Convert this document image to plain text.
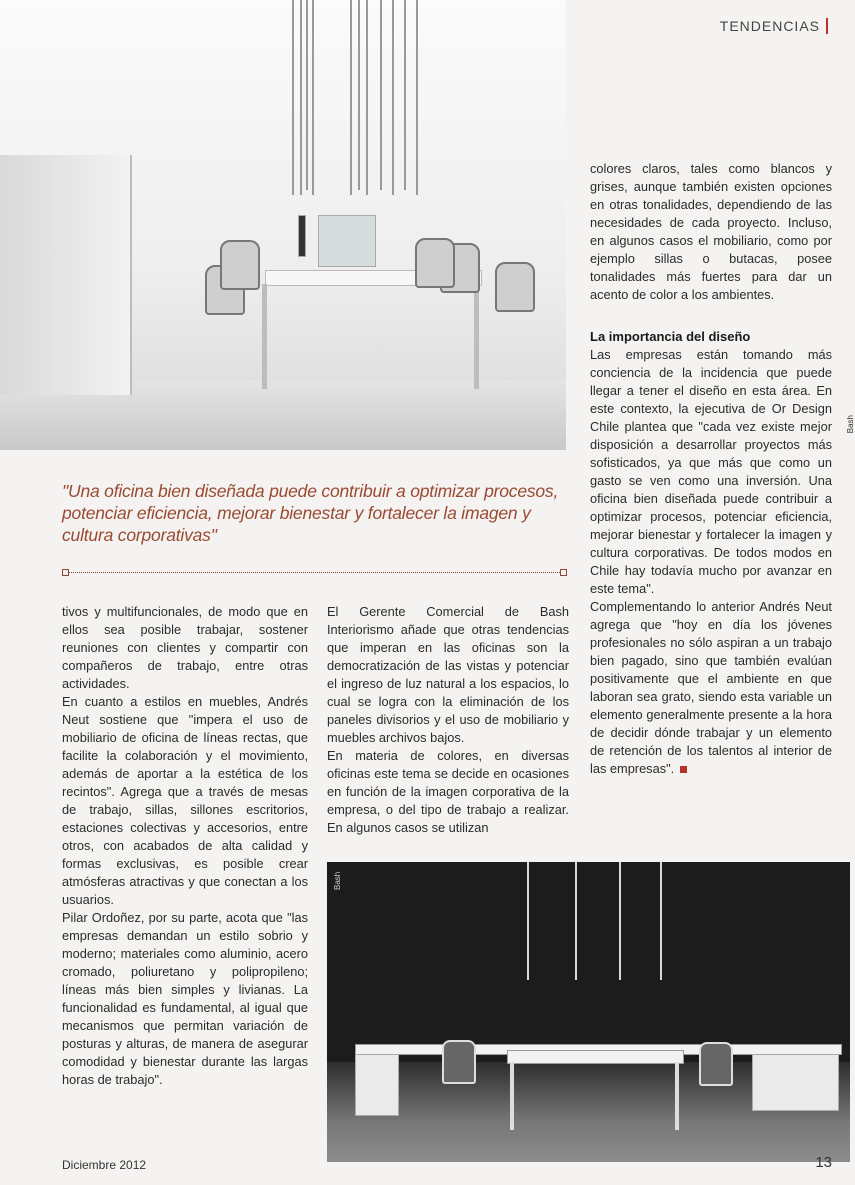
TENDENCIAS
Bash
"Una oficina bien diseñada puede contribuir a optimizar procesos, potenciar eficiencia, mejorar bienestar y fortalecer la imagen y cultura corporativas"

colores claros, tales como blancos y grises, aunque también existen opciones en otras tonalidades, dependiendo de las necesidades de cada proyecto. Incluso, en algunos casos el mobiliario, como por ejemplo sillas o butacas, posee tonalidades más fuertes para dar un acento de color a los ambientes.

La importancia del diseño

Las empresas están tomando más conciencia de la incidencia que puede llegar a tener el diseño en esta área. En este contexto, la ejecutiva de Or Design Chile plantea que "cada vez existe mejor disposición a desarrollar proyectos más sofisticados, ya que más que como un gasto se ven como una inversión. Una oficina bien diseñada puede contribuir a optimizar procesos, potenciar eficiencia, mejorar bienestar y fortalecer la imagen y cultura corporativas. De todos modos en Chile hay todavía mucho por avanzar en este tema".

Complementando lo anterior Andrés Neut agrega que "hoy en día los jóvenes profesionales no sólo aspiran a un trabajo bien pagado, sino que también evalúan positivamente que el ambiente en que laboran sea grato, siendo esta variable un elemento generalmente presente a la hora de decidir dónde trabajar y un elemento de retención de los talentos al interior de las empresas".

tivos y multifuncionales, de modo que en ellos sea posible trabajar, sostener reuniones con clientes y compartir con compañeros de trabajo, entre otras actividades.

En cuanto a estilos en muebles, Andrés Neut sostiene que "impera el uso de mobiliario de oficina de líneas rectas, que facilite la colaboración y el movimiento, además de aportar a la estética de los recintos". Agrega que a través de mesas de trabajo, sillas, sillones escritorios, estaciones colectivas y accesorios, entre otros, con acabados de alta calidad y formas exclusivas, es posible crear atmósferas atractivas y que conectan a los usuarios.

Pilar Ordoñez, por su parte, acota que "las empresas demandan un estilo sobrio y moderno; materiales como aluminio, acero cromado, poliuretano y polipropileno; líneas más bien simples y livianas. La funcionalidad es fundamental, al igual que mecanismos que permitan variación de posturas y alturas, de manera de asegurar comodidad y bienestar durante las largas horas de trabajo".

El Gerente Comercial de Bash Interiorismo añade que otras tendencias que imperan en las oficinas son la democratización de las vistas y potenciar el ingreso de luz natural a los espacios, lo cual se logra con la eliminación de los paneles divisorios y el uso de mobiliario y muebles archivos bajos.

En materia de colores, en diversas oficinas este tema se decide en ocasiones en función de la imagen corporativa de la empresa, o del tipo de trabajo a realizar. En algunos casos se utilizan

Bash
Diciembre 2012	13
